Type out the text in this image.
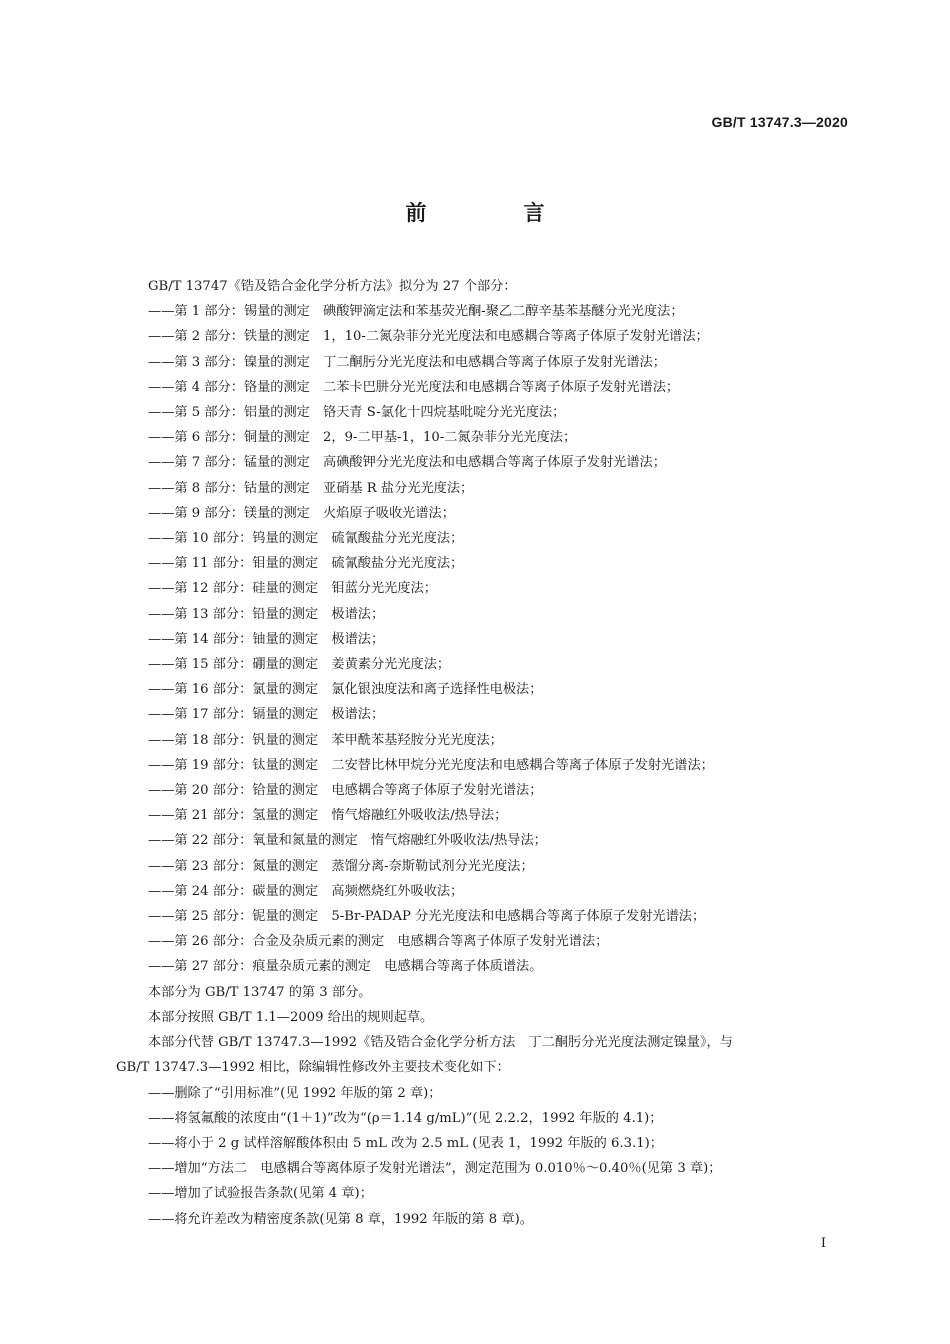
GB/T 13747.3—2020
前　言
GB/T 13747《锆及锆合金化学分析方法》拟分为 27 个部分：
——第 1 部分：锡量的测定　碘酸钾滴定法和苯基荧光酮-聚乙二醇辛基苯基醚分光光度法；
——第 2 部分：铁量的测定　1，10-二氮杂菲分光光度法和电感耦合等离子体原子发射光谱法；
——第 3 部分：镍量的测定　丁二酮肟分光光度法和电感耦合等离子体原子发射光谱法；
——第 4 部分：铬量的测定　二苯卡巴肼分光光度法和电感耦合等离子体原子发射光谱法；
——第 5 部分：铝量的测定　铬天青 S-氯化十四烷基吡啶分光光度法；
——第 6 部分：铜量的测定　2，9-二甲基-1，10-二氮杂菲分光光度法；
——第 7 部分：锰量的测定　高碘酸钾分光光度法和电感耦合等离子体原子发射光谱法；
——第 8 部分：钴量的测定　亚硝基 R 盐分光光度法；
——第 9 部分：镁量的测定　火焰原子吸收光谱法；
——第 10 部分：钨量的测定　硫氰酸盐分光光度法；
——第 11 部分：钼量的测定　硫氰酸盐分光光度法；
——第 12 部分：硅量的测定　钼蓝分光光度法；
——第 13 部分：铅量的测定　极谱法；
——第 14 部分：铀量的测定　极谱法；
——第 15 部分：硼量的测定　姜黄素分光光度法；
——第 16 部分：氯量的测定　氯化银浊度法和离子选择性电极法；
——第 17 部分：镉量的测定　极谱法；
——第 18 部分：钒量的测定　苯甲酰苯基羟胺分光光度法；
——第 19 部分：钛量的测定　二安替比林甲烷分光光度法和电感耦合等离子体原子发射光谱法；
——第 20 部分：铪量的测定　电感耦合等离子体原子发射光谱法；
——第 21 部分：氢量的测定　惰气熔融红外吸收法/热导法；
——第 22 部分：氧量和氮量的测定　惰气熔融红外吸收法/热导法；
——第 23 部分：氮量的测定　蒸馏分离-奈斯勒试剂分光光度法；
——第 24 部分：碳量的测定　高频燃烧红外吸收法；
——第 25 部分：铌量的测定　5-Br-PADAP 分光光度法和电感耦合等离子体原子发射光谱法；
——第 26 部分：合金及杂质元素的测定　电感耦合等离子体原子发射光谱法；
——第 27 部分：痕量杂质元素的测定　电感耦合等离子体质谱法。
本部分为 GB/T 13747 的第 3 部分。
本部分按照 GB/T 1.1—2009 给出的规则起草。
本部分代替 GB/T 13747.3—1992《锆及锆合金化学分析方法　丁二酮肟分光光度法测定镍量》，与
GB/T 13747.3—1992 相比，除编辑性修改外主要技术变化如下：
——删除了“引用标准”(见 1992 年版的第 2 章)；
——将氢氟酸的浓度由“(1＋1)”改为“(ρ＝1.14 g/mL)”(见 2.2.2，1992 年版的 4.1)；
——将小于 2 g 试样溶解酸体积由 5 mL 改为 2.5 mL (见表 1，1992 年版的 6.3.1)；
——增加“方法二　电感耦合等离体原子发射光谱法”，测定范围为 0.010％～0.40％(见第 3 章)；
——增加了试验报告条款(见第 4 章)；
——将允许差改为精密度条款(见第 8 章，1992 年版的第 8 章)。
I
